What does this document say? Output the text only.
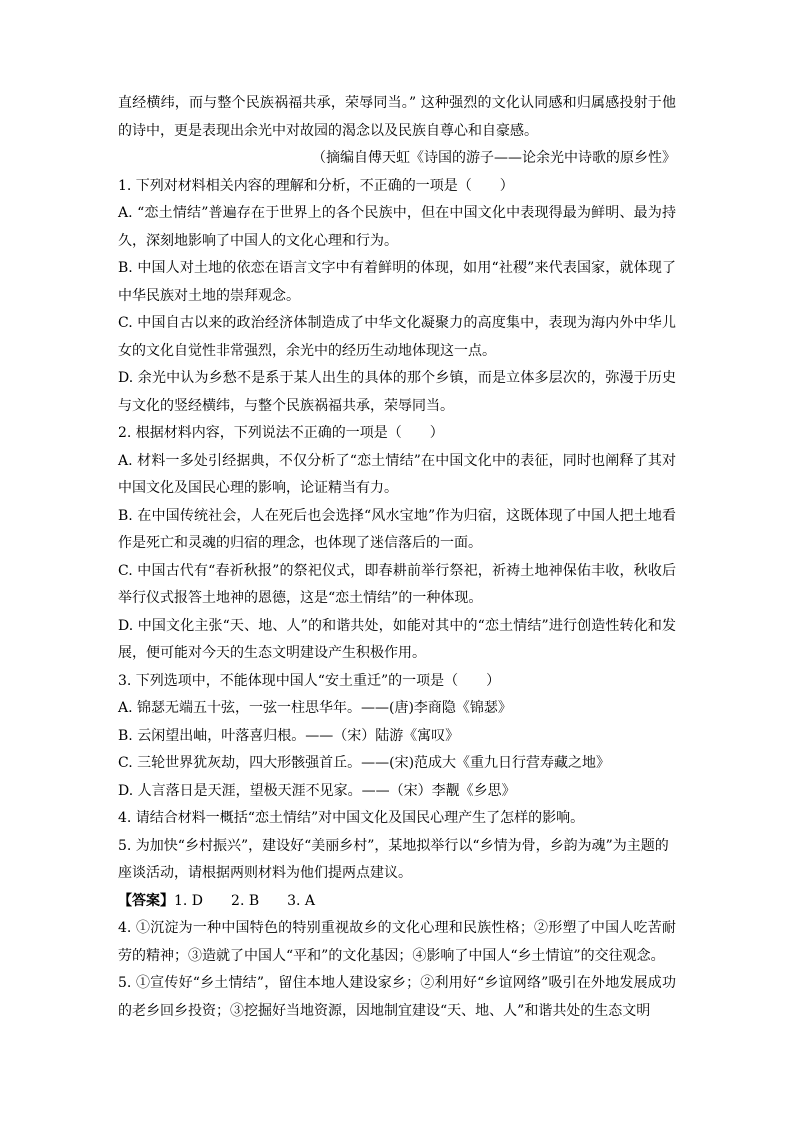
直经横纬，而与整个民族祸福共承，荣辱同当。” 这种强烈的文化认同感和归属感投射于他的诗中，更是表现出余光中对故园的渴念以及民族自尊心和自豪感。

（摘编自傅天虹《诗国的游子——论余光中诗歌的原乡性》

1. 下列对材料相关内容的理解和分析，不正确的一项是（　　）

A. “恋土情结”普遍存在于世界上的各个民族中，但在中国文化中表现得最为鲜明、最为持久，深刻地影响了中国人的文化心理和行为。

B. 中国人对土地的依恋在语言文字中有着鲜明的体现，如用“社稷”来代表国家，就体现了中华民族对土地的崇拜观念。

C. 中国自古以来的政治经济体制造成了中华文化凝聚力的高度集中，表现为海内外中华儿女的文化自觉性非常强烈，余光中的经历生动地体现这一点。

D. 余光中认为乡愁不是系于某人出生的具体的那个乡镇，而是立体多层次的，弥漫于历史与文化的竖经横纬，与整个民族祸福共承，荣辱同当。

2. 根据材料内容，下列说法不正确的一项是（　　）

A. 材料一多处引经据典，不仅分析了“恋土情结”在中国文化中的表征，同时也阐释了其对中国文化及国民心理的影响，论证精当有力。

B. 在中国传统社会，人在死后也会选择“风水宝地”作为归宿，这既体现了中国人把土地看作是死亡和灵魂的归宿的理念，也体现了迷信落后的一面。

C. 中国古代有“春祈秋报”的祭祀仪式，即春耕前举行祭祀，祈祷土地神保佑丰收，秋收后举行仪式报答土地神的恩德，这是“恋土情结”的一种体现。

D. 中国文化主张“天、地、人”的和谐共处，如能对其中的“恋土情结”进行创造性转化和发展，便可能对今天的生态文明建设产生积极作用。

3. 下列选项中，不能体现中国人“安土重迁”的一项是（　　）

A. 锦瑟无端五十弦，一弦一柱思华年。——(唐)李商隐《锦瑟》

B. 云闲望出岫，叶落喜归根。——（宋）陆游《寓叹》

C. 三轮世界犹灰劫，四大形骸强首丘。——(宋)范成大《重九日行营寿藏之地》

D. 人言落日是天涯，望极天涯不见家。——（宋）李觏《乡思》

4. 请结合材料一概括“恋土情结”对中国文化及国民心理产生了怎样的影响。

5. 为加快“乡村振兴”，建设好“美丽乡村”，某地拟举行以“乡情为骨，乡韵为魂”为主题的座谈活动，请根据两则材料为他们提两点建议。

【答案】1. D　　2. B　　3. A

4. ①沉淀为一种中国特色的特别重视故乡的文化心理和民族性格；②形塑了中国人吃苦耐劳的精神；③造就了中国人“平和”的文化基因；④影响了中国人“乡土情谊”的交往观念。

5. ①宣传好“乡土情结”，留住本地人建设家乡；②利用好“乡谊网络”吸引在外地发展成功的老乡回乡投资；③挖掘好当地资源，因地制宜建设“天、地、人”和谐共处的生态文明
